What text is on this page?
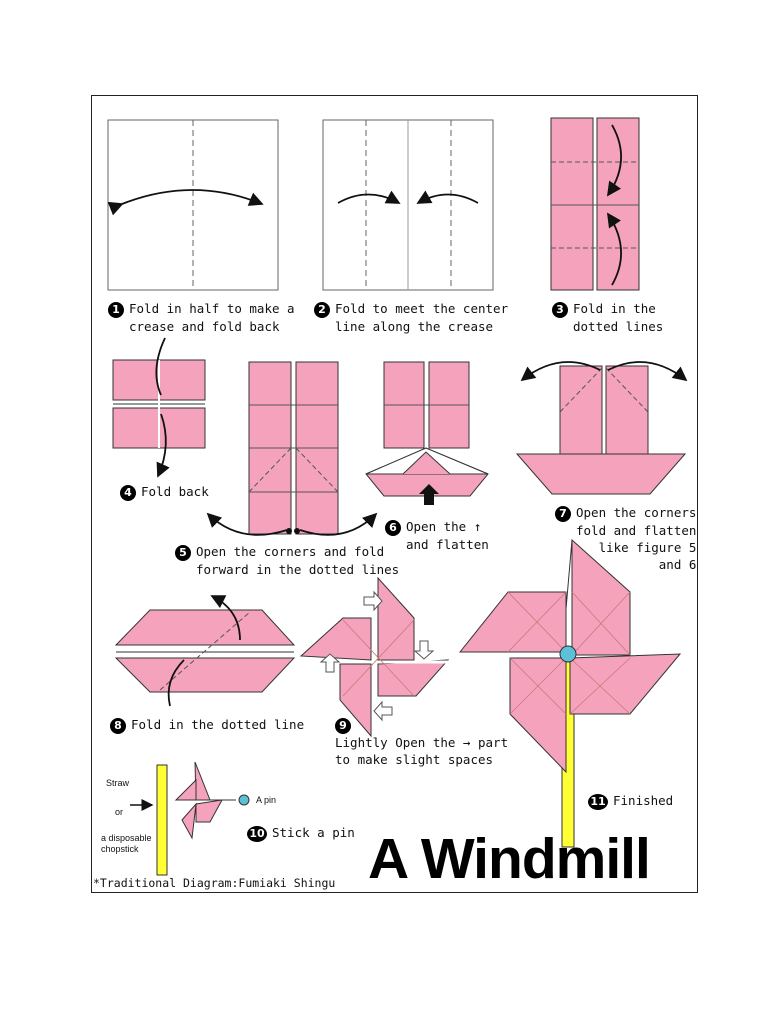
1 Fold in half to make a
crease and fold back
2 Fold to meet the center
line along the crease
3 Fold in the
dotted lines
4 Fold back
5 Open the corners and fold
forward in the dotted lines
6 Open the ↑
and flatten
7 Open the corners
fold and flatten
like figure 5
and 6
8 Fold in the dotted line	9
Lightly Open the → part
to make slight spaces
10 Stick a pin
11 Finished
Straw
or
a disposable
chopstick
A pin
*Traditional Diagram:Fumiaki Shingu A Windmill
